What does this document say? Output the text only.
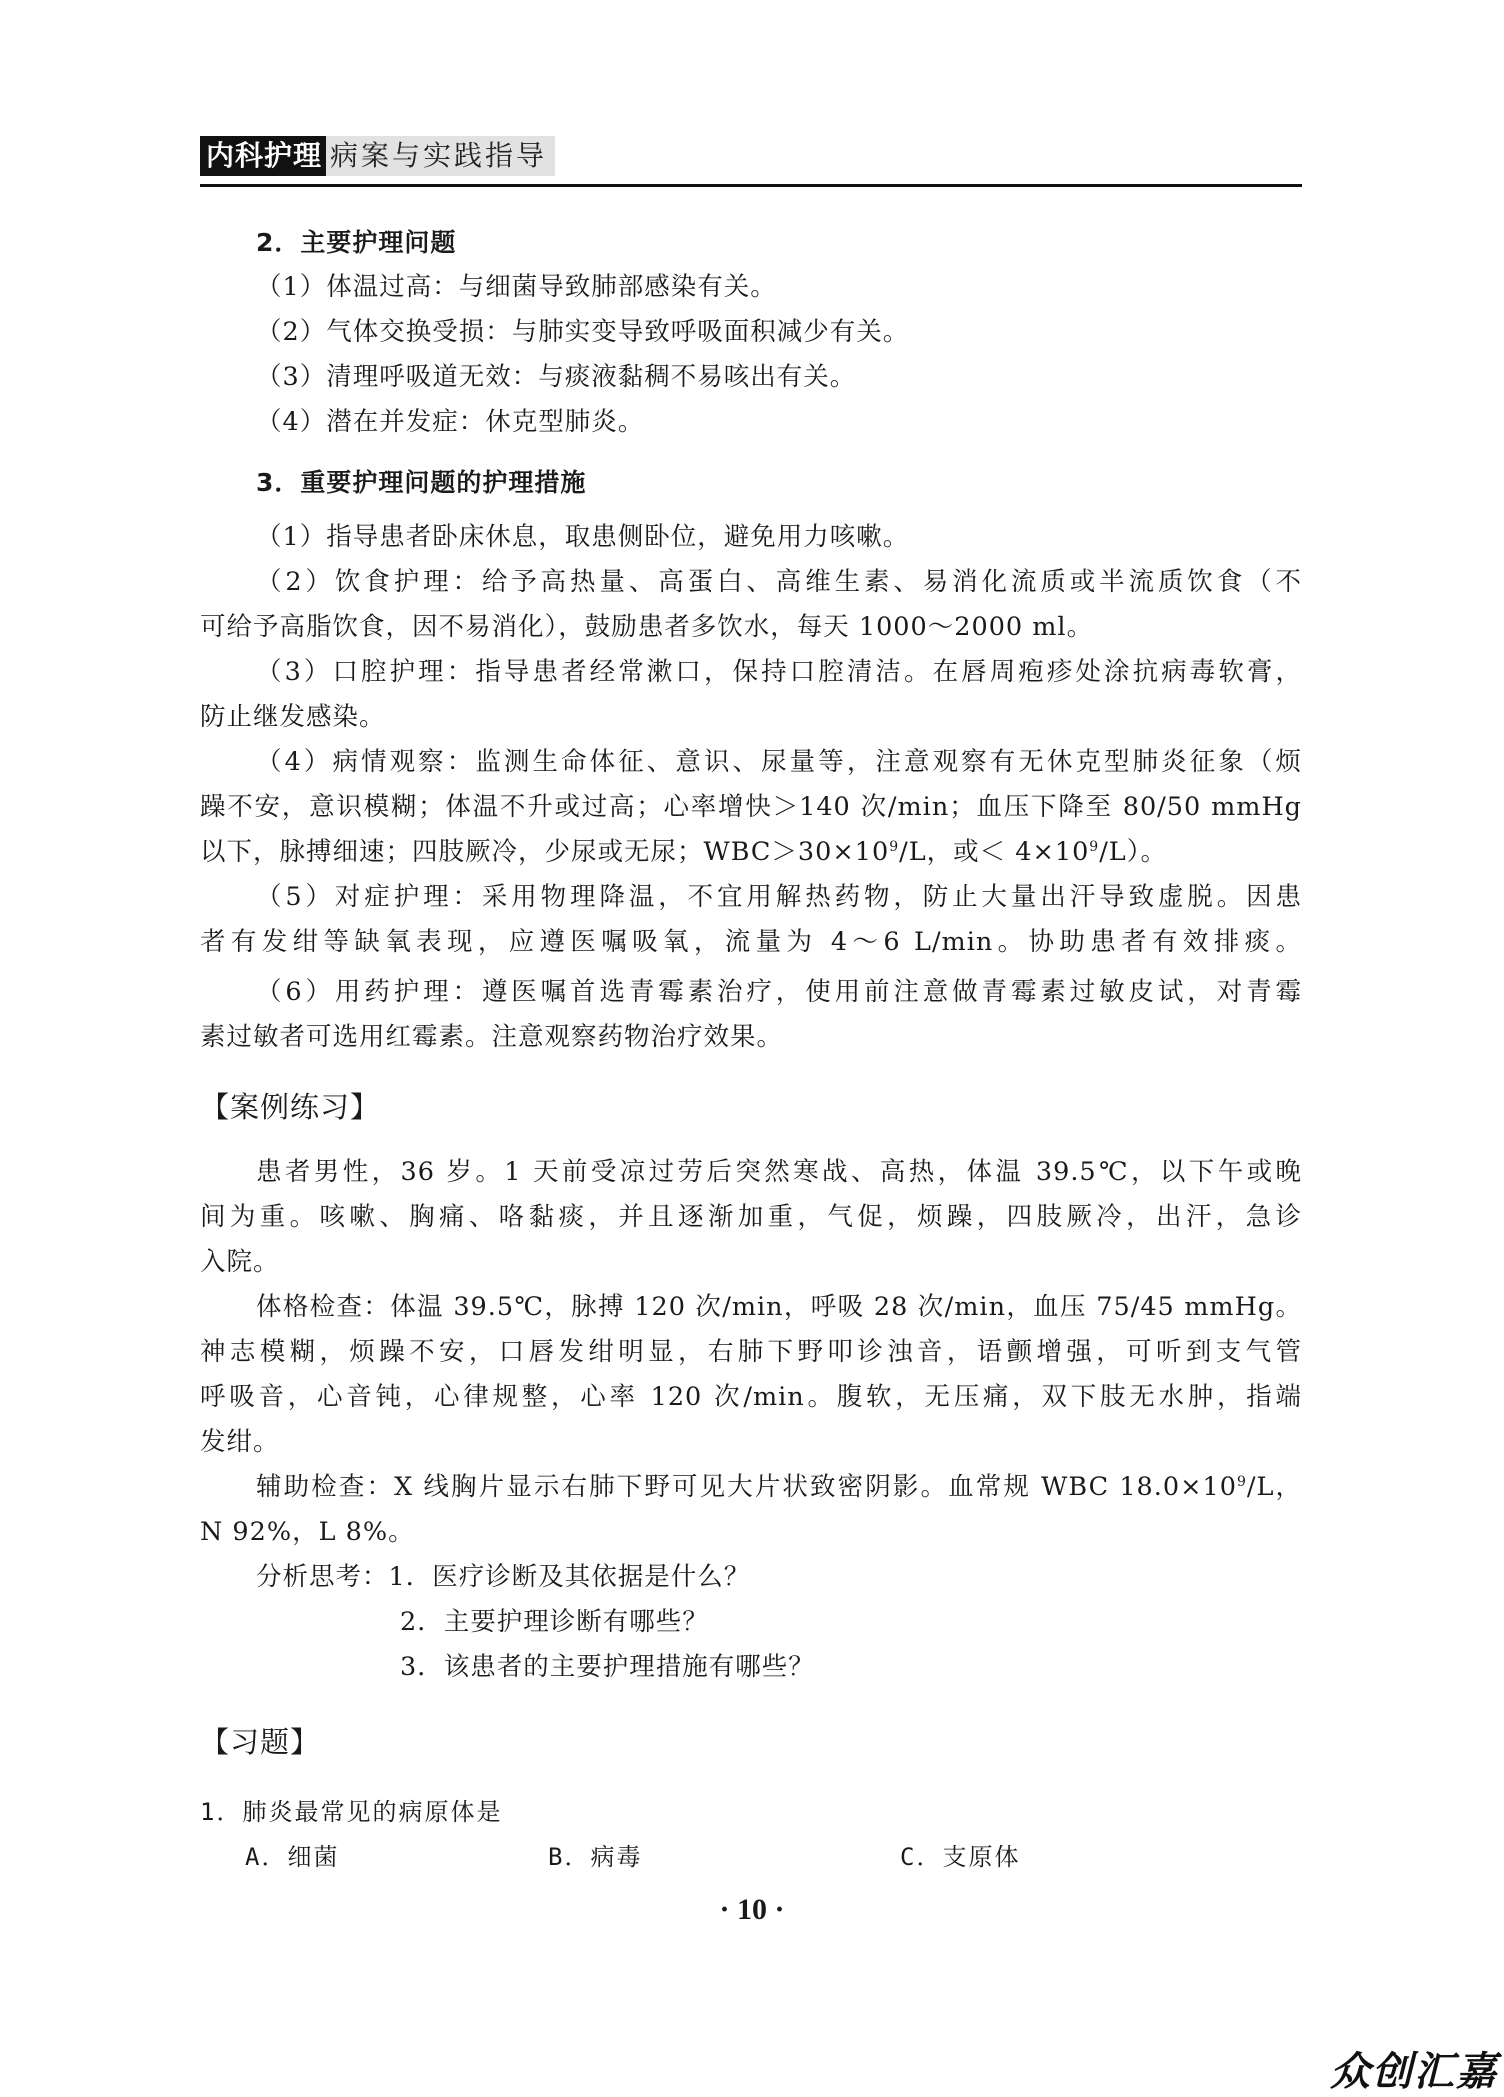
内科护理 病案与实践指导
2．主要护理问题
（1）体温过高：与细菌导致肺部感染有关。
（2）气体交换受损：与肺实变导致呼吸面积减少有关。
（3）清理呼吸道无效：与痰液黏稠不易咳出有关。
（4）潜在并发症：休克型肺炎。
3．重要护理问题的护理措施
（1）指导患者卧床休息，取患侧卧位，避免用力咳嗽。
（2）饮食护理：给予高热量、高蛋白、高维生素、易消化流质或半流质饮食（不
可给予高脂饮食，因不易消化），鼓励患者多饮水，每天 1000～2000 ml。
（3）口腔护理：指导患者经常漱口，保持口腔清洁。在唇周疱疹处涂抗病毒软膏，
防止继发感染。
（4）病情观察：监测生命体征、意识、尿量等，注意观察有无休克型肺炎征象（烦
躁不安，意识模糊；体温不升或过高；心率增快＞140 次/min；血压下降至 80/50 mmHg
以下，脉搏细速；四肢厥冷，少尿或无尿；$WBC>30\times 10^9/L$，或＜ $4\times 10^9/L$）。
（5）对症护理：采用物理降温，不宜用解热药物，防止大量出汗导致虚脱。因患
者有发绀等缺氧表现，应遵医嘱吸氧，流量为 4～6 L/min。协助患者有效排痰。
（6）用药护理：遵医嘱首选青霉素治疗，使用前注意做青霉素过敏皮试，对青霉
素过敏者可选用红霉素。注意观察药物治疗效果。
【案例练习】
患者男性，36 岁。1 天前受凉过劳后突然寒战、高热，体温 39.5℃，以下午或晚
间为重。咳嗽、胸痛、咯黏痰，并且逐渐加重，气促，烦躁，四肢厥冷，出汗，急诊
入院。
体格检查：体温 39.5℃，脉搏 120 次/min，呼吸 28 次/min，血压 75/45 mmHg。
神志模糊，烦躁不安，口唇发绀明显，右肺下野叩诊浊音，语颤增强，可听到支气管
呼吸音，心音钝，心律规整，心率 120 次/min。腹软，无压痛，双下肢无水肿，指端
发绀。
辅助检查：X 线胸片显示右肺下野可见大片状致密阴影。血常规 WBC $18.0\times 10^9/L$，
N 92%，L 8%。
分析思考：1．医疗诊断及其依据是什么？
2．主要护理诊断有哪些？
3．该患者的主要护理措施有哪些？
【习题】
1．肺炎最常见的病原体是
A．细菌	B．病毒	C．支原体
· 10 ·
众创汇嘉
